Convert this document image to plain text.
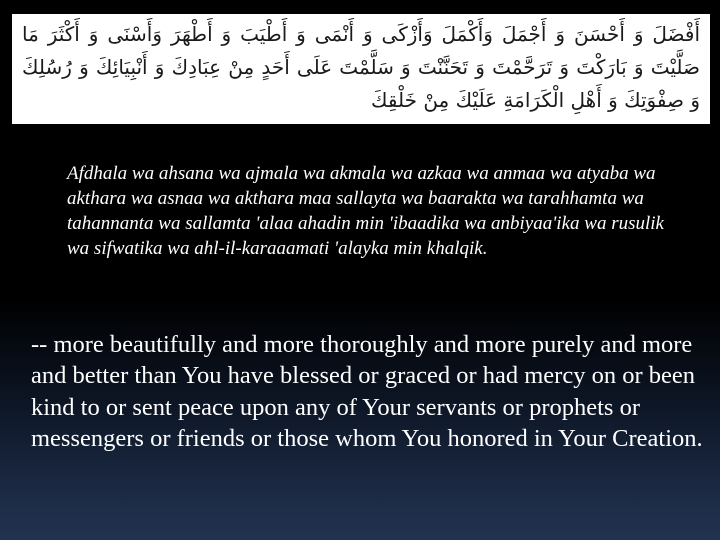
أَفْضَلَ وَ أَحْسَنَ وَ أَجْمَلَ وَأَكْمَلَ وَأَزْكَى وَ أَنْمَى وَ أَطْيَبَ وَ أَطْهَرَ وَأَسْنَى وَ أَكْثَرَ مَا صَلَّيْتَ وَ بَارَكْتَ وَ تَرَحَّمْتَ وَ تَحَنَّنْتَ وَ سَلَّمْتَ عَلَى أَحَدٍ مِنْ عِبَادِكَ وَ أَنْبِيَائِكَ وَ رُسُلِكَ وَ صِفْوَتِكَ وَ أَهْلِ الْكَرَامَةِ عَلَيْكَ مِنْ خَلْقِكَ

Afdhala wa ahsana wa ajmala wa akmala wa azkaa wa anmaa wa atyaba wa akthara wa asnaa wa akthara maa sallayta wa baarakta wa tarahhamta wa tahannanta wa sallamta 'alaa ahadin min 'ibaadika wa anbiyaa'ika wa rusulik wa sifwatika wa ahl-il-karaaamati 'alayka min khalqik.

-- more beautifully and more thoroughly and more purely and more and better than You have blessed or graced or had mercy on or been kind to or sent peace upon any of Your servants or prophets or messengers or friends or those whom You honored in Your Creation.
